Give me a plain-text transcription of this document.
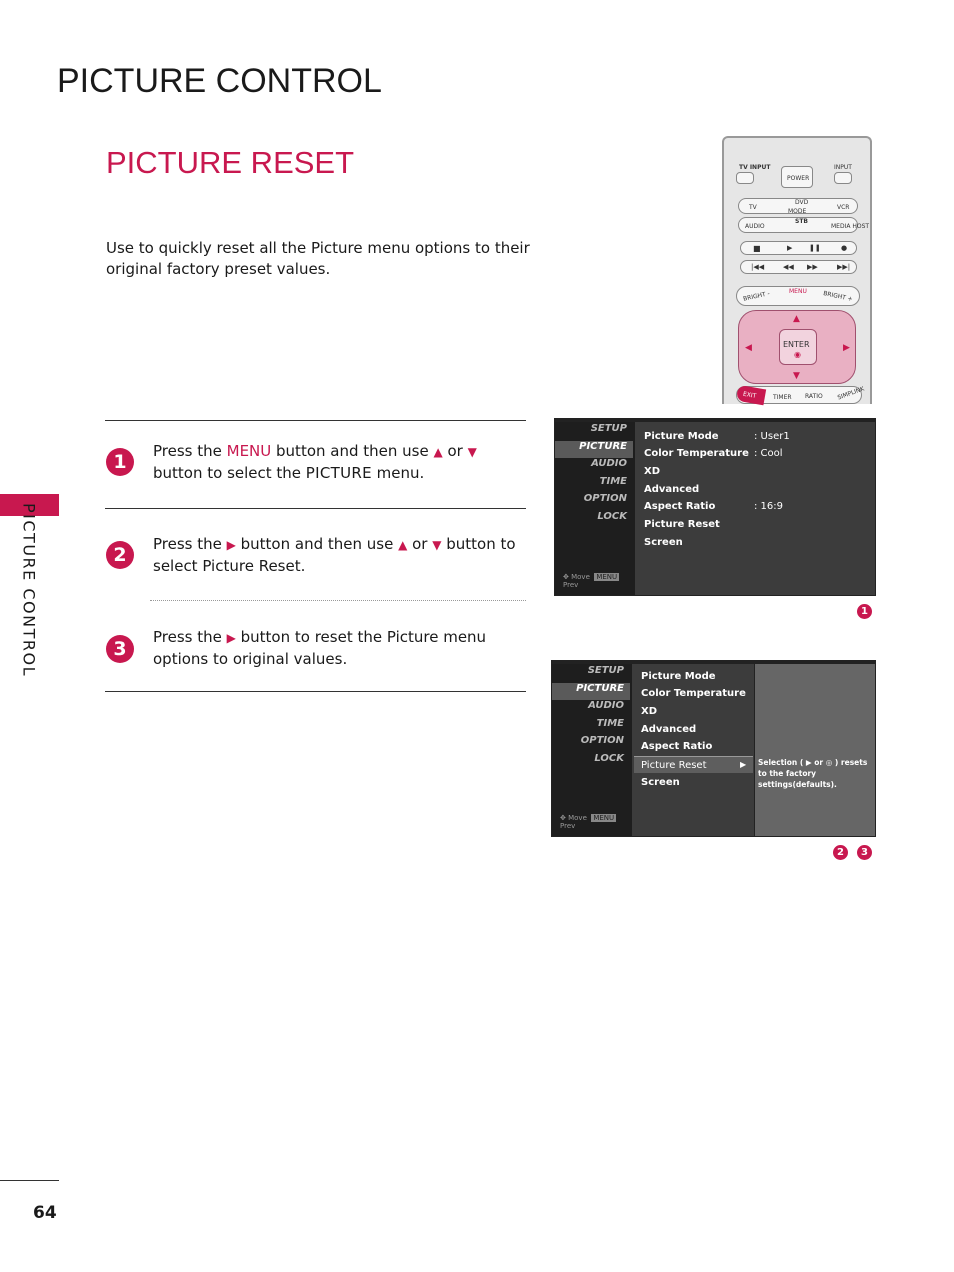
PICTURE CONTROL
PICTURE RESET
Use to quickly reset all the Picture menu options to their original factory preset values.
PICTURE CONTROL
64
1	Press the MENU button and then use ▲ or ▼ button to select the PICTURE menu.
2	Press the ▶ button and then use ▲ or ▼ button to select Picture Reset.
3
Press the ▶ button to reset the Picture menu options to original values.
TV INPUT	INPUT
POWER
TV
DVD
VCR
MODE
AUDIO
STB
MEDIA HOST
■	▶ ❚❚	●
|◀◀	◀◀ ▶▶	▶▶|
BRIGHT -	MENU	BRIGHT +
ENTER
◉
▲
▼
◀	▶
EXIT	TIMER RATIO SIMPLINK
SETUP
PICTURE
AUDIO
TIME
OPTION
LOCK
✥ Move MENU Prev
Picture Mode	: User1
Color Temperature : Cool
XD
Advanced
Aspect Ratio	: 16:9
Picture Reset
Screen
1
SETUP
PICTURE
AUDIO
TIME
OPTION
LOCK
✥ Move MENU Prev
Selection ( ▶ or ◎ ) resets to the factory settings(defaults).
Picture Mode
Color Temperature
XD
Advanced
Aspect Ratio
Picture Reset	▶
Screen
2	3
